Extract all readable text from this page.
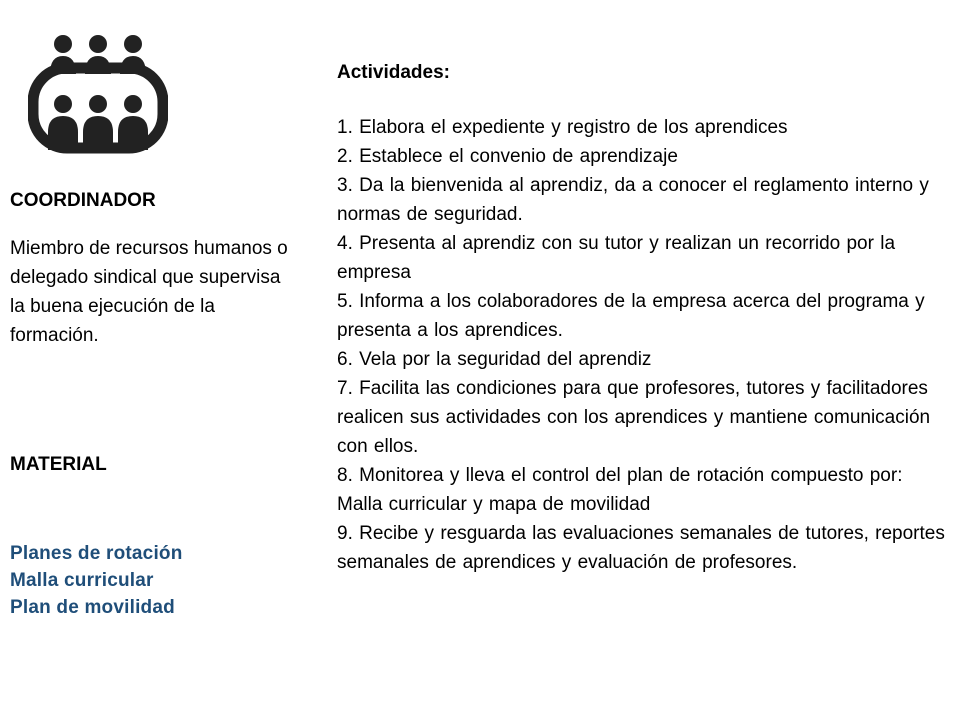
COORDINADOR

Miembro de recursos humanos o delegado sindical que supervisa la buena ejecución de la formación.

MATERIAL
Planes de rotación
Malla curricular
Plan de movilidad

Actividades:

1. Elabora el expediente y registro de los aprendices
2. Establece el convenio de aprendizaje
3. Da la bienvenida al aprendiz, da a conocer el reglamento interno y normas de seguridad.
4. Presenta al aprendiz con su tutor y realizan un recorrido por la empresa
5. Informa a los colaboradores de la empresa acerca del programa y presenta a los aprendices.
6. Vela por la seguridad del aprendiz
7. Facilita las condiciones para que profesores, tutores y facilitadores realicen sus actividades con los aprendices y mantiene comunicación con ellos.
8. Monitorea y lleva el control del plan de rotación compuesto por: Malla curricular y mapa de movilidad
9. Recibe y resguarda las evaluaciones semanales de tutores, reportes semanales de aprendices y evaluación de profesores.
